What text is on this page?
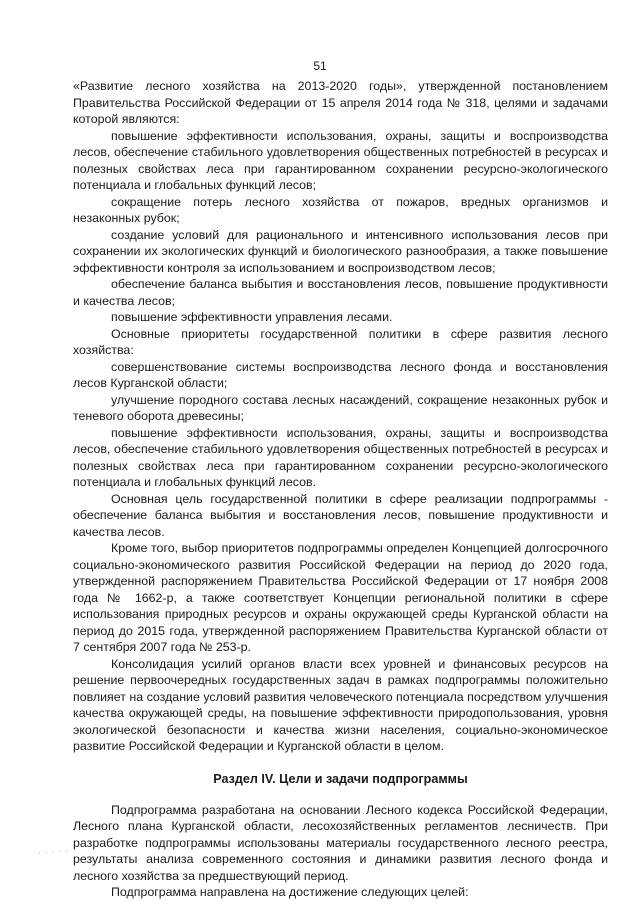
51

«Развитие лесного хозяйства на 2013-2020 годы», утвержденной постановлением Правительства Российской Федерации от 15 апреля 2014 года № 318, целями и задачами которой являются:

повышение эффективности использования, охраны, защиты и воспроизводства лесов, обеспечение стабильного удовлетворения общественных потребностей в ресурсах и полезных свойствах леса при гарантированном сохранении ресурсно-экологического потенциала и глобальных функций лесов;

сокращение потерь лесного хозяйства от пожаров, вредных организмов и незаконных рубок;

создание условий для рационального и интенсивного использования лесов при сохранении их экологических функций и биологического разнообразия, а также повышение эффективности контроля за использованием и воспроизводством лесов;

обеспечение баланса выбытия и восстановления лесов, повышение продуктивности и качества лесов;

повышение эффективности управления лесами.

Основные приоритеты государственной политики в сфере развития лесного хозяйства:

совершенствование системы воспроизводства лесного фонда и восстановления лесов Курганской области;

улучшение породного состава лесных насаждений, сокращение незаконных рубок и теневого оборота древесины;

повышение эффективности использования, охраны, защиты и воспроизводства лесов, обеспечение стабильного удовлетворения общественных потребностей в ресурсах и полезных свойствах леса при гарантированном сохранении ресурсно-экологического потенциала и глобальных функций лесов.

Основная цель государственной политики в сфере реализации подпрограммы - обеспечение баланса выбытия и восстановления лесов, повышение продуктивности и качества лесов.

Кроме того, выбор приоритетов подпрограммы определен Концепцией долгосрочного социально-экономического развития Российской Федерации на период до 2020 года, утвержденной распоряжением Правительства Российской Федерации от 17 ноября 2008 года № 1662-р, а также соответствует Концепции региональной политики в сфере использования природных ресурсов и охраны окружающей среды Курганской области на период до 2015 года, утвержденной распоряжением Правительства Курганской области от 7 сентября 2007 года № 253-р.

Консолидация усилий органов власти всех уровней и финансовых ресурсов на решение первоочередных государственных задач в рамках подпрограммы положительно повлияет на создание условий развития человеческого потенциала посредством улучшения качества окружающей среды, на повышение эффективности природопользования, уровня экологической безопасности и качества жизни населения, социально-экономическое развитие Российской Федерации и Курганской области в целом.

Раздел IV. Цели и задачи подпрограммы

Подпрограмма разработана на основании Лесного кодекса Российской Федерации, Лесного плана Курганской области, лесохозяйственных регламентов лесничеств. При разработке подпрограммы использованы материалы государственного лесного реестра, результаты анализа современного состояния и динамики развития лесного фонда и лесного хозяйства за предшествующий период.

Подпрограмма направлена на достижение следующих целей:

· · · · ·
